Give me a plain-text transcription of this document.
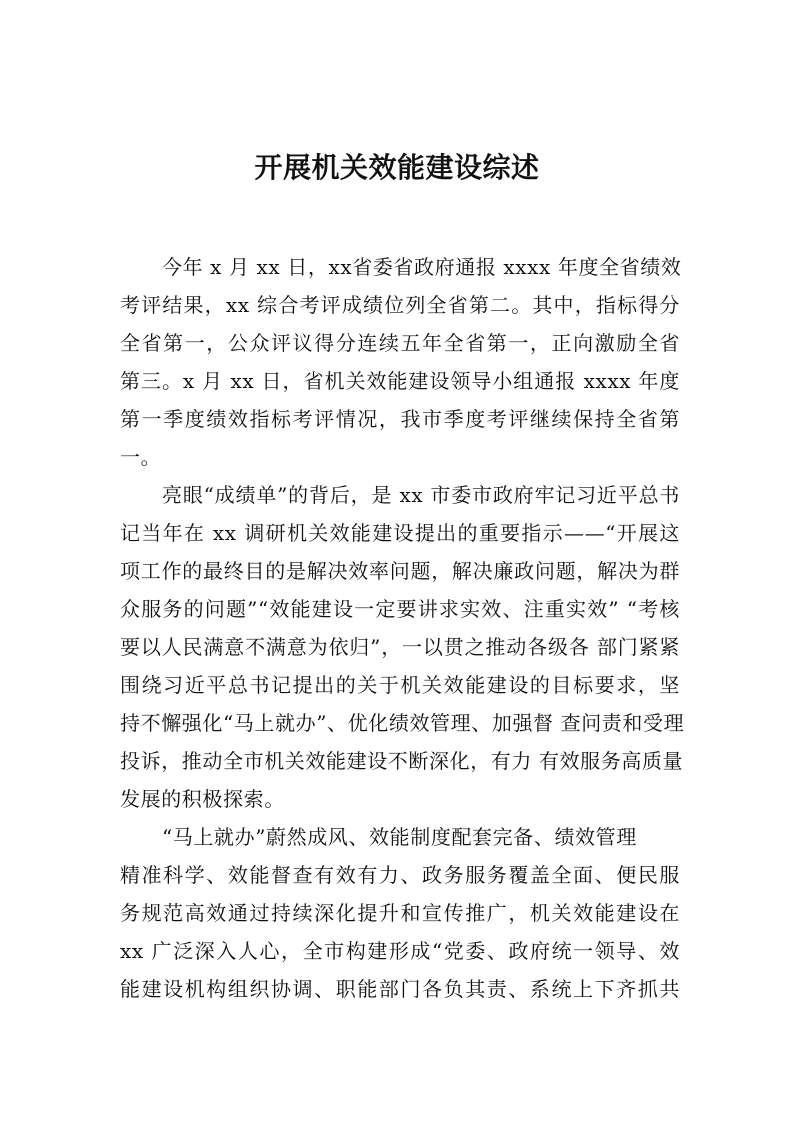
开展机关效能建设综述
今年 x 月 xx 日，xx省委省政府通报 xxxx 年度全省绩效
考评结果，xx 综合考评成绩位列全省第二。其中，指标得分
全省第一，公众评议得分连续五年全省第一，正向激励全省
第三。x 月 xx 日，省机关效能建设领导小组通报 xxxx 年度
第一季度绩效指标考评情况，我市季度考评继续保持全省第
一。
亮眼“成绩单”的背后，是 xx 市委市政府牢记习近平总书
记当年在 xx 调研机关效能建设提出的重要指示——“开展这
项工作的最终目的是解决效率问题，解决廉政问题，解决为群
众服务的问题”“效能建设一定要讲求实效、注重实效” “考核
要以人民满意不满意为依归”，一以贯之推动各级各 部门紧紧
围绕习近平总书记提出的关于机关效能建设的目标要求，坚
持不懈强化“马上就办”、优化绩效管理、加强督 查问责和受理
投诉，推动全市机关效能建设不断深化，有力 有效服务高质量
发展的积极探索。
“马上就办”蔚然成风、效能制度配套完备、绩效管理
精准科学、效能督查有效有力、政务服务覆盖全面、便民服
务规范高效通过持续深化提升和宣传推广，机关效能建设在
xx 广泛深入人心，全市构建形成“党委、政府统一领导、效
能建设机构组织协调、职能部门各负其责、系统上下齐抓共
